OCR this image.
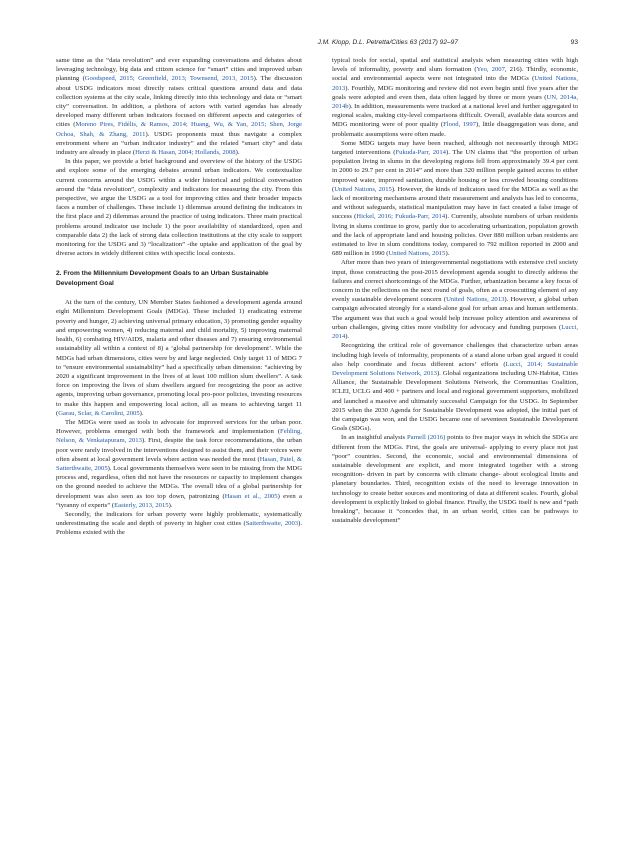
J.M. Klopp, D.L. Petretta/Cities 63 (2017) 92–97	93

same time as the “data revolution” and ever expanding conversations and debates about leveraging technology, big data and citizen science for “smart” cities and improved urban planning (Goodspeed, 2015; Greenfield, 2013; Townsend, 2013, 2015). The discussion about USDG indicators most directly raises critical questions around data and data collection systems at the city scale, linking directly into this technology and data or “smart city” conversation. In addition, a plethora of actors with varied agendas has already developed many different urban indicators focused on different aspects and categories of cities (Moreno Pires, Fidélis, & Ramos, 2014; Huang, Wu, & Yan, 2015; Shen, Jorge Ochoa, Shah, & Zhang, 2011). USDG proponents must thus navigate a complex environment where an “urban indicator industry” and the related “smart city” and data industry are already in place (Herzi & Hasan, 2004; Hollands, 2008).

In this paper, we provide a brief background and overview of the history of the USDG and explore some of the emerging debates around urban indicators. We contextualize current concerns around the USDG within a wider historical and political conversation around the “data revolution”, complexity and indicators for measuring the city. From this perspective, we argue the USDG as a tool for improving cities and their broader impacts faces a number of challenges. These include 1) dilemmas around defining the indicators in the first place and 2) dilemmas around the practice of using indicators. Three main practical problems around indicator use include 1) the poor availability of standardized, open and comparable data 2) the lack of strong data collection institutions at the city scale to support monitoring for the USDG and 3) “localization” -the uptake and application of the goal by diverse actors in widely different cities with specific local contexts.

2. From the Millennium Development Goals to an Urban Sustainable Development Goal

At the turn of the century, UN Member States fashioned a development agenda around eight Millennium Development Goals (MDGs). These included 1) eradicating extreme poverty and hunger, 2) achieving universal primary education, 3) promoting gender equality and empowering women, 4) reducing maternal and child mortality, 5) improving maternal health, 6) combating HIV/AIDS, malaria and other diseases and 7) ensuring environmental sustainability all within a context of 8) a ‘global partnership for development’. While the MDGs had urban dimensions, cities were by and large neglected. Only target 11 of MDG 7 to “ensure environmental sustainability” had a specifically urban dimension: “achieving by 2020 a significant improvement in the lives of at least 100 million slum dwellers”. A task force on improving the lives of slum dwellers argued for recognizing the poor as active agents, improving urban governance, promoting local pro-poor policies, investing resources to make this happen and empowering local action, all as means to achieving target 11 (Garau, Sclar, & Carolini, 2005).

The MDGs were used as tools to advocate for improved services for the urban poor. However, problems emerged with both the framework and implementation (Fehling, Nelson, & Venkatapuram, 2013). First, despite the task force recommendations, the urban poor were rarely involved in the interventions designed to assist them, and their voices were often absent at local government levels where action was needed the most (Hasan, Patel, & Satterthwaite, 2005). Local governments themselves were seen to be missing from the MDG process and, regardless, often did not have the resources or capacity to implement changes on the ground needed to achieve the MDGs. The overall idea of a global partnership for development was also seen as too top down, patronizing (Hasan et al., 2005) even a “tyranny of experts” (Easterly, 2013, 2015).

Secondly, the indicators for urban poverty were highly problematic, systematically underestimating the scale and depth of poverty in higher cost cities (Satterthwaite, 2003). Problems existed with the

typical tools for social, spatial and statistical analysis when measuring cities with high levels of informality, poverty and slum formation (Yeo, 2007, 216). Thirdly, economic, social and environmental aspects were not integrated into the MDGs (United Nations, 2013). Fourthly, MDG monitoring and review did not even begin until five years after the goals were adopted and even then, data often lagged by three or more years (UN, 2014a, 2014b). In addition, measurements were tracked at a national level and further aggregated to regional scales, making city-level comparisons difficult. Overall, available data sources and MDG monitoring were of poor quality (Flood, 1997), little disaggregation was done, and problematic assumptions were often made.

Some MDG targets may have been reached, although not necessarily through MDG targeted interventions (Fukuda-Parr, 2014). The UN claims that “the proportion of urban population living in slums in the developing regions fell from approximately 39.4 per cent in 2000 to 29.7 per cent in 2014” and more than 320 million people gained access to either improved water, improved sanitation, durable housing or less crowded housing conditions (United Nations, 2015). However, the kinds of indicators used for the MDGs as well as the lack of monitoring mechanisms around their measurement and analysis has led to concerns, and without safeguards, statistical manipulation may have in fact created a false image of success (Hickel, 2016; Fukuda-Parr, 2014). Currently, absolute numbers of urban residents living in slums continue to grow, partly due to accelerating urbanization, population growth and the lack of appropriate land and housing policies. Over 880 million urban residents are estimated to live in slum conditions today, compared to 792 million reported in 2000 and 689 million in 1990 (United Nations, 2015).

After more than two years of intergovernmental negotiations with extensive civil society input, those constructing the post-2015 development agenda sought to directly address the failures and correct shortcomings of the MDGs. Further, urbanization became a key focus of concern in the reflections on the next round of goals, often as a crosscutting element of any evenly sustainable development concern (United Nations, 2013). However, a global urban campaign advocated strongly for a stand-alone goal for urban areas and human settlements. The argument was that such a goal would help increase policy attention and awareness of urban challenges, giving cities more visibility for advocacy and funding purposes (Lucci, 2014).

Recognizing the critical role of governance challenges that characterize urban areas including high levels of informality, proponents of a stand alone urban goal argued it could also help coordinate and focus different actors’ efforts (Lucci, 2014; Sustainable Development Solutions Network, 2013). Global organizations including UN-Habitat, Cities Alliance, the Sustainable Development Solutions Network, the Communitas Coalition, ICLEI, UCLG and 400 + partners and local and regional government supporters, mobilized and launched a massive and ultimately successful Campaign for the USDG. In September 2015 when the 2030 Agenda for Sustainable Development was adopted, the initial part of the campaign was won, and the USDG became one of seventeen Sustainable Development Goals (SDGs).

In an insightful analysis Parnell (2016) points to five major ways in which the SDGs are different from the MDGs. First, the goals are universal- applying to every place not just “poor” countries. Second, the economic, social and environmental dimensions of sustainable development are explicit, and more integrated together with a strong recognition- driven in part by concerns with climate change- about ecological limits and planetary boundaries. Third, recognition exists of the need to leverage innovation in technology to create better sources and monitoring of data at different scales. Fourth, global development is explicitly linked to global finance. Finally, the USDG itself is new and “path breaking”, because it “concedes that, in an urban world, cities can be pathways to sustainable development”
